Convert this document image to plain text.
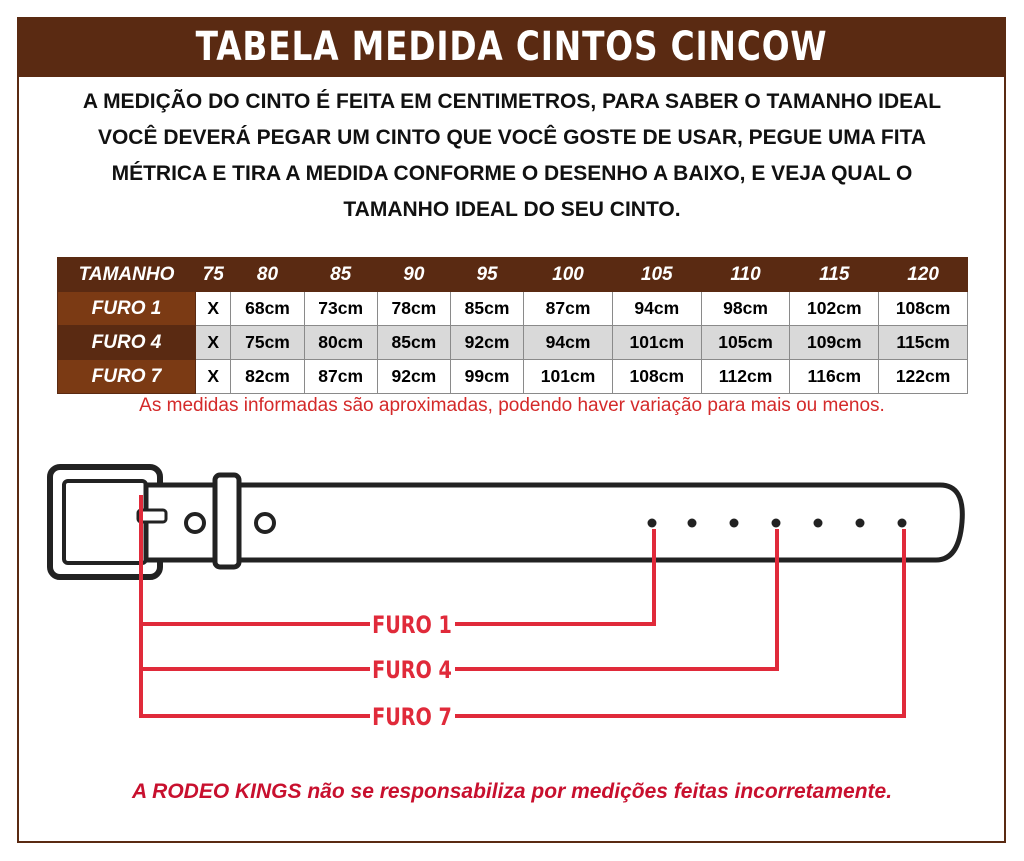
TABELA MEDIDA CINTOS CINCOW
A MEDIÇÃO DO CINTO É FEITA EM CENTIMETROS, PARA SABER O TAMANHO IDEAL
VOCÊ DEVERÁ PEGAR UM CINTO QUE VOCÊ GOSTE DE USAR, PEGUE UMA FITA
MÉTRICA E TIRA A MEDIDA CONFORME O DESENHO A BAIXO, E VEJA QUAL O
TAMANHO IDEAL DO SEU CINTO.
TAMANHO	75	80	85	90	95	100	105	110	115	120
FURO 1	X	68cm	73cm	78cm	85cm	87cm	94cm	98cm	102cm	108cm
FURO 4	X	75cm	80cm	85cm	92cm	94cm	101cm	105cm	109cm	115cm
FURO 7	X	82cm	87cm	92cm	99cm	101cm	108cm	112cm	116cm	122cm
As medidas informadas são aproximadas, podendo haver variação para mais ou menos.
FURO 1
FURO 4
FURO 7
A RODEO KINGS não se responsabiliza por medições feitas incorretamente.
